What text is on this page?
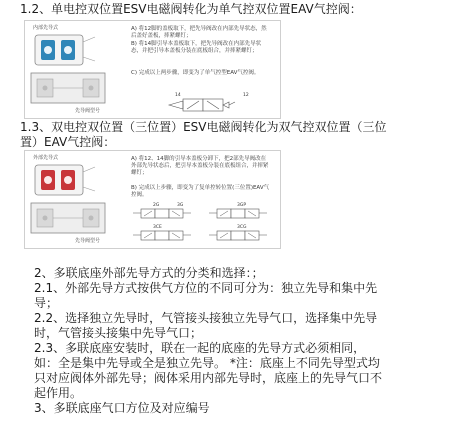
1.2、单电控双位置ESV电磁阀转化为单气控双位置EAV气控阀：
内部先导式
先导阀型号
A) 将12脚的盖板取下，把先导阀改在内部先导状态，然后盖好盖板，摔紧螺钉；
B) 将14脚引导本盖板取下，把先导阀改在内部先导状态，并把引导本盖板分装在底板组合，并摔紧螺钉；
C) 完成以上两步骤，即变为了单气控型EAV气控阀。
14	12
1.3、双电控双位置（三位置）ESV电磁阀转化为双气控双位置（三位
置）EAV气控阀：
外部先导式
先导阀型号
A) 将12、14脚的引导本盖板分卸下，把2部先导阀改在外部先导状态后，把引导本盖板分装在底板组合，并摔紧螺钉；
B) 完成以上步骤，即变为了复单控转位置(三位置)EAV气控阀。
2G	3G	3GP
3CE	3CG
2、多联底座外部先导方式的分类和选择：；
2.1、外部先导方式按供气方位的不同可分为：独立先导和集中先
导；
2.2、选择独立先导时，气管接头接独立先导气口，选择集中先导
时，气管接头接集中先导气口；
2.3、多联底座安装时，联在一起的底座的先导方式必须相同，
如：全是集中先导或全是独立先导。 *注：底座上不同先导型式均
只对应阀体外部先导；阀体采用内部先导时，底座上的先导气口不
起作用。
3、多联底座气口方位及对应编号
